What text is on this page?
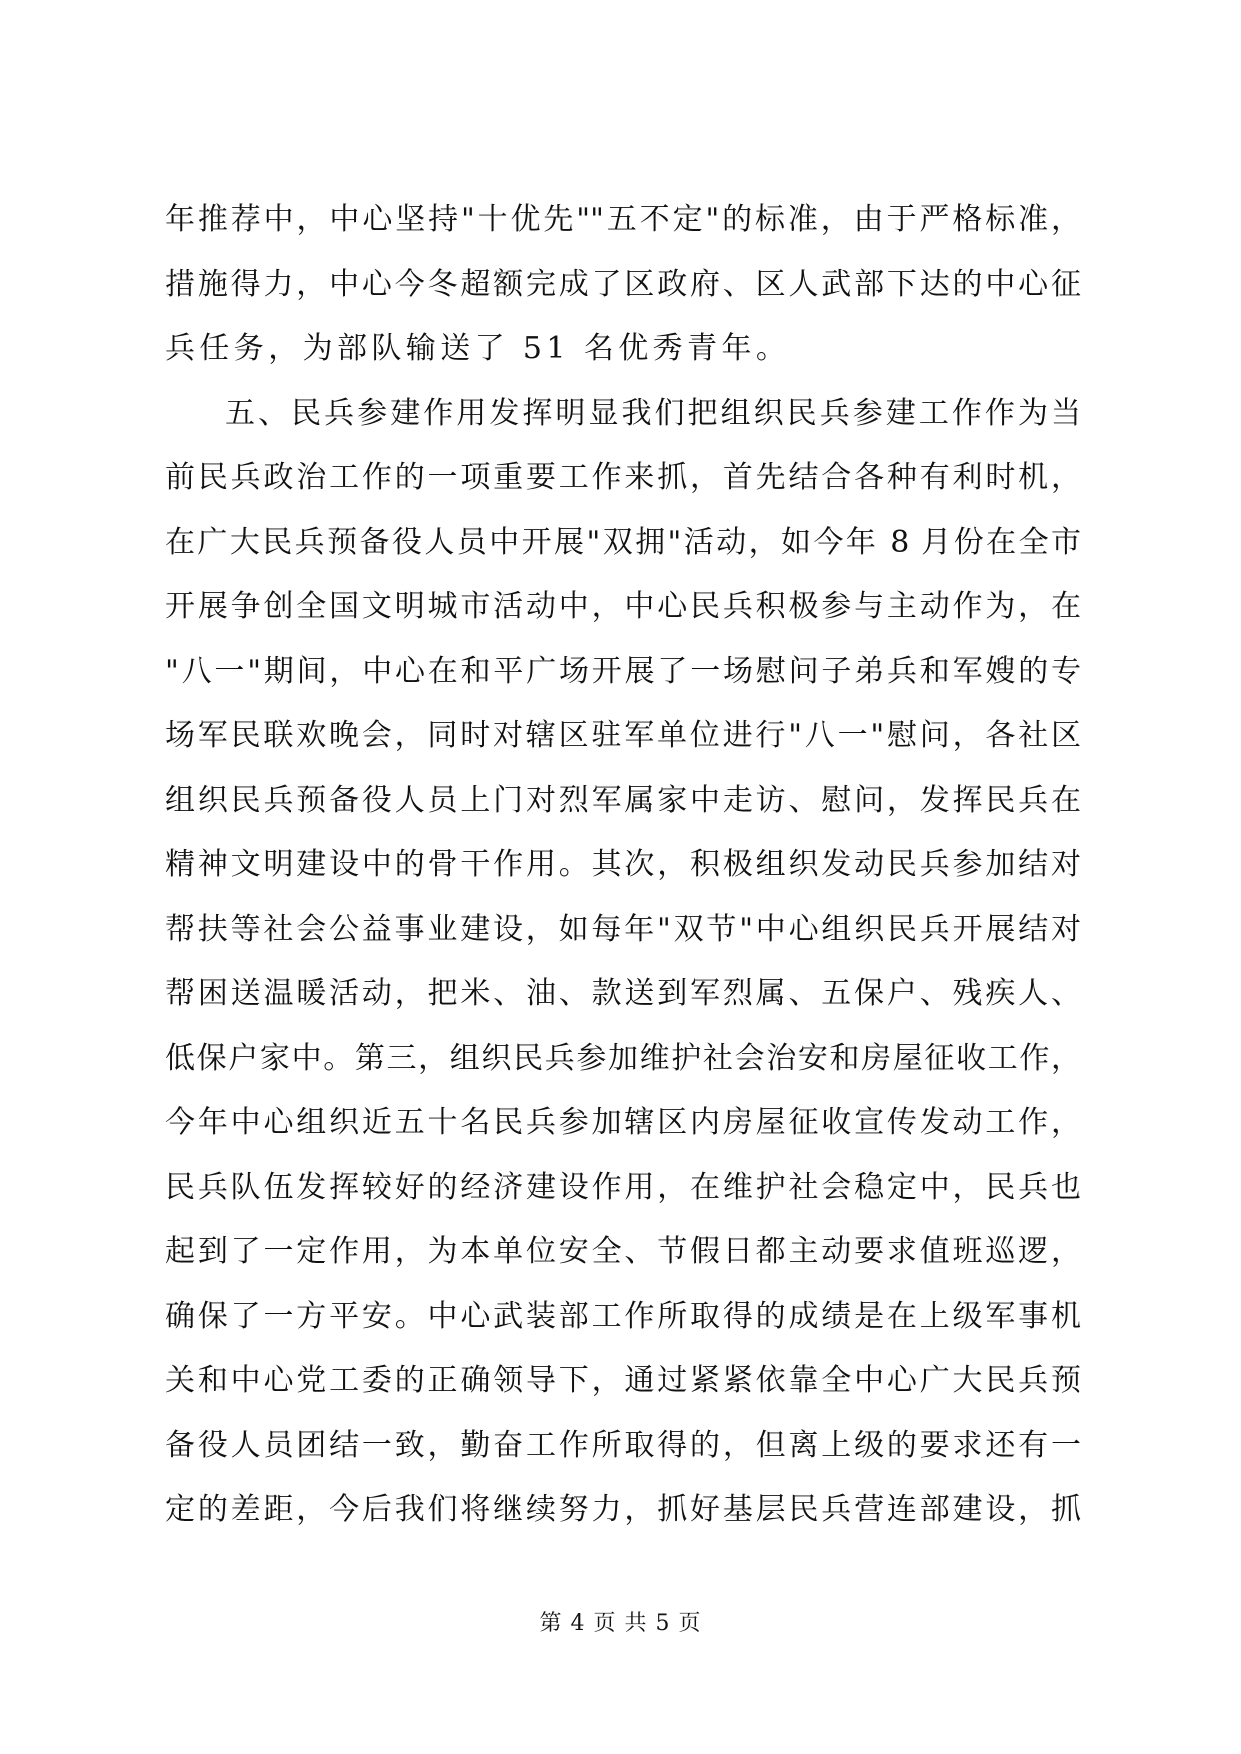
年推荐中，中心坚持"十优先""五不定"的标准，由于严格标准，
措施得力，中心今冬超额完成了区政府、区人武部下达的中心征
兵任务，为部队输送了 51 名优秀青年。
五、民兵参建作用发挥明显我们把组织民兵参建工作作为当
前民兵政治工作的一项重要工作来抓，首先结合各种有利时机，
在广大民兵预备役人员中开展"双拥"活动，如今年 8 月份在全市
开展争创全国文明城市活动中，中心民兵积极参与主动作为，在
"八一"期间，中心在和平广场开展了一场慰问子弟兵和军嫂的专
场军民联欢晚会，同时对辖区驻军单位进行"八一"慰问，各社区
组织民兵预备役人员上门对烈军属家中走访、慰问，发挥民兵在
精神文明建设中的骨干作用。其次，积极组织发动民兵参加结对
帮扶等社会公益事业建设，如每年"双节"中心组织民兵开展结对
帮困送温暖活动，把米、油、款送到军烈属、五保户、残疾人、
低保户家中。第三，组织民兵参加维护社会治安和房屋征收工作，
今年中心组织近五十名民兵参加辖区内房屋征收宣传发动工作，
民兵队伍发挥较好的经济建设作用，在维护社会稳定中，民兵也
起到了一定作用，为本单位安全、节假日都主动要求值班巡逻，
确保了一方平安。中心武装部工作所取得的成绩是在上级军事机
关和中心党工委的正确领导下，通过紧紧依靠全中心广大民兵预
备役人员团结一致，勤奋工作所取得的，但离上级的要求还有一
定的差距，今后我们将继续努力，抓好基层民兵营连部建设，抓
第 4 页 共 5 页
